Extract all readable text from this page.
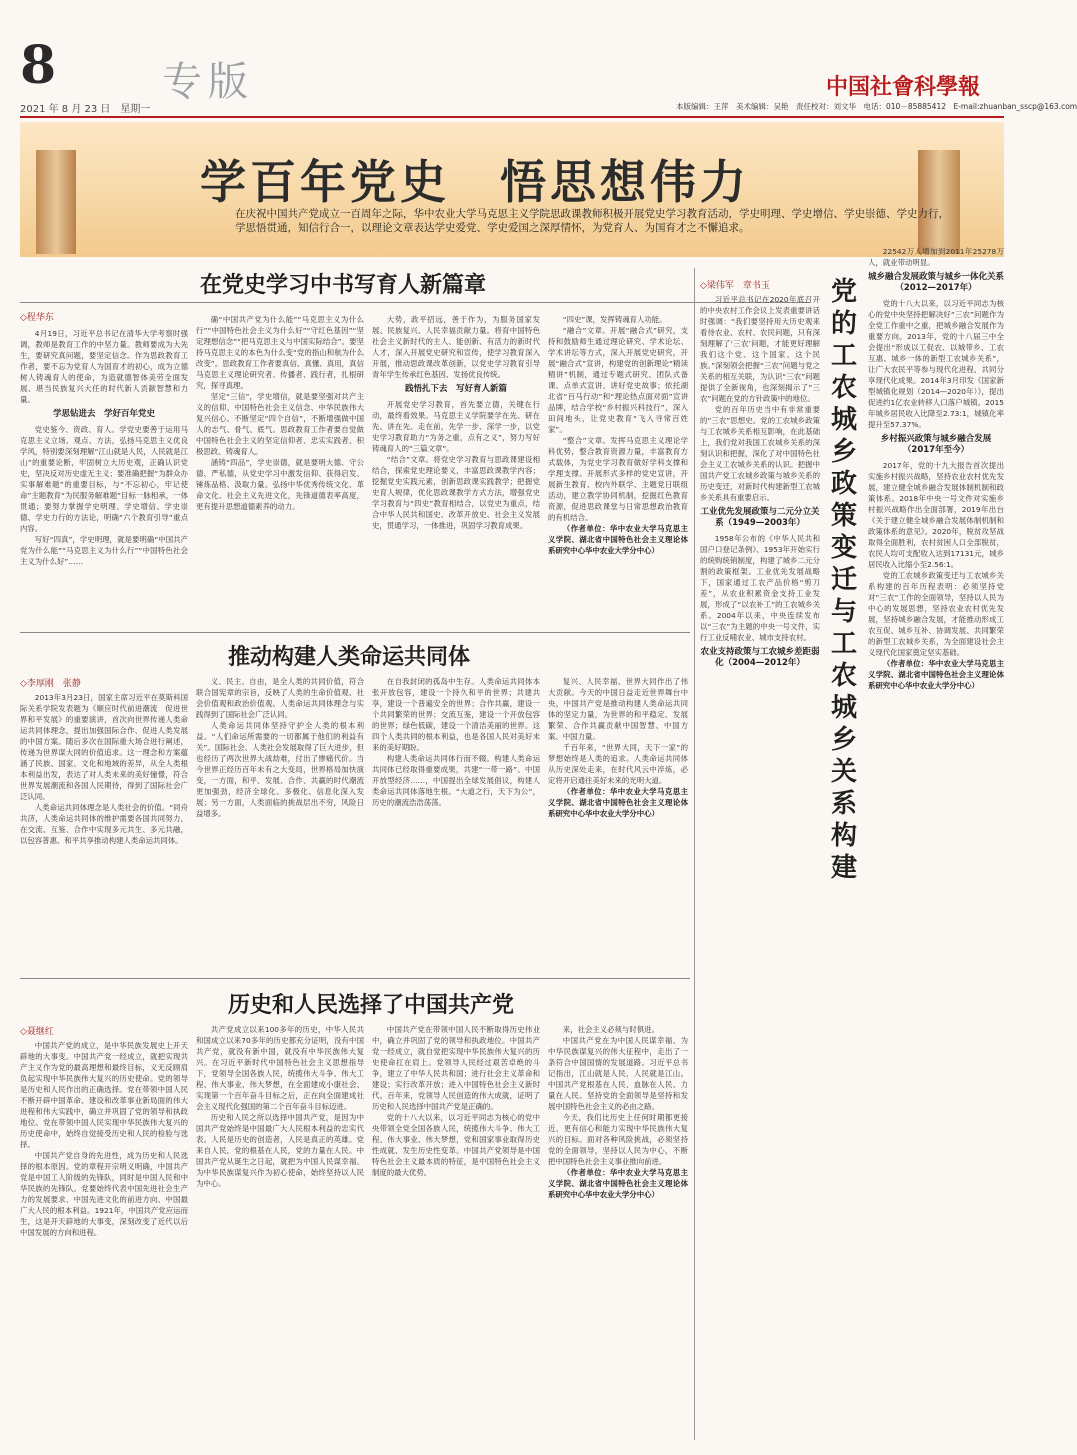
8	专版
2021 年 8 月 23 日　星期一
中国社會科學報
本版编辑：王萍　美术编辑：吴艳　责任校对：刘文华　电话：010－85885412　E-mail:zhuanban_sscp@163.com
学百年党史　悟思想伟力
在庆祝中国共产党成立一百周年之际，华中农业大学马克思主义学院思政课教师积极开展党史学习教育活动，学史明理、学史增信、学史崇德、学史力行，学思悟贯通，知信行合一，以理论文章表达学史爱党、学史爱国之深厚情怀，为党育人、为国育才之不懈追求。
在党史学习中书写育人新篇章
◇程华东

4月19日，习近平总书记在清华大学考察时强调，教师是教育工作的中坚力量。教师要成为大先生，要研究真问题，要坚定信念。作为思政教育工作者，要不忘为党育人为国育才的初心，成为立德树人铸魂育人的使命，为造就德智体美劳全面发展、堪当民族复兴大任的时代新人贡献智慧和力量。

学思钻进去　学好百年党史

党史鉴今、资政、育人。学党史要善于运用马克思主义立场、观点、方法，弘扬马克思主义优良学风，特别要深刻理解“江山就是人民，人民就是江山”的重要论断，牢固树立大历史观，正确认识党史，坚决反对历史虚无主义；要准确把握“为群众办实事解难题”的重要目标，与“不忘初心，牢记使命”主题教育“为民服务解难题”目标一脉相承，一体贯通；要努力掌握学史明理、学史增信、学史崇德、学史力行的方法论，明确“六个教育引导”重点内容。

写好“四真”，学史明理，就是要明确“中国共产党为什么能”“马克思主义为什么行”“中国特色社会主义为什么好”……

确“中国共产党为什么能”“马克思主义为什么行”“中国特色社会主义为什么好”“守红色基因”“坚定理想信念”“把马克思主义与中国实际结合”。要坚持马克思主义的本色为什么变“党的指山和航为什么改变”。思政教育工作者要真信、真懂、真用，真信马克思主义理论研究者、传播者、践行者，扎根研究，探寻真理。

坚定“三信”，学史增信，就是要坚强对共产主义的信仰、中国特色社会主义信念、中华民族伟大复兴信心。不断坚定“四个自信”，不断增强做中国人的志气、骨气、底气。思政教育工作者要自觉做中国特色社会主义的坚定信仰者、忠实实践者、积极思政、铸魂育人。

涵铸“四品”，学史崇德，就是要明大德、守公德、严私德，从党史学习中激发信仰、获得启发、锤炼品格、汲取力量。弘扬中华优秀传统文化、革命文化、社会主义先进文化，先锋道德表率高度，更有提升思想道德素养的动力。

大势，政平招远，善于作为，为服务国家发展、民族复兴、人民幸福贡献力量。将育中国特色社会主义新时代的主人、能创新、有活力的新时代人才，深入开展党史研究和宣传，使学习教育深入开展，推动思政课改革创新，以党史学习教育引导青年学生传承红色基因、发扬优良传统。

践悟扎下去　写好育人新篇

开展党史学习教育，首先要立德，关键在行动，最终看效果。马克思主义学院要学在先、研在先、讲在先、走在前，先学一步、深学一步，以党史学习教育助力“为务之重，点有之义”，努力写好铸魂育人的“三篇文章”。

“结合”文章。将党史学习教育与思政课建设相结合，探索党史理论要义，丰富思政课教学内容；挖掘党史实践元素，创新思政课实践教学；把握党史育人规律，优化思政课教学方式方法，增强党史学习教育与“四史”教育相结合，以党史为重点，结合中华人民共和国史、改革开放史、社会主义发展史，贯通学习，一体推进，巩固学习教育成果。

“四史”课，发挥铸魂育人功能。

“融合”文章。开展“融合式”研究，支持和鼓励师生通过理论研究、学术论坛、学术讲坛等方式，深入开展党史研究，开展“融合式”宣讲，构建党的创新理论“精读精讲”机制，通过专题式研究、团队式备课、点单式宣讲、讲好党史故事；依托湖北省“百马行动”和“理论热点面对面”宣讲品牌，结合学校“乡村振兴科技行”，深入田间地头，让党史教育“飞入寻常百姓家”。

“整合”文章。发挥马克思主义理论学科优势，整合教育资源力量，丰富教育方式载体，为党史学习教育做好学科支撑和学理支撑。开展形式多样的党史宣讲，开展新生教育、校内外联学、主题党日联组活动，建立教学协同机制，挖掘红色教育资源，促进思政课堂与日常思想政治教育的有机结合。

（作者单位：华中农业大学马克思主义学院、湖北省中国特色社会主义理论体系研究中心华中农业大学分中心）

推动构建人类命运共同体
◇李厚刚　张静

2013年3月23日，国家主席习近平在莫斯科国际关系学院发表题为《顺应时代前进潮流　促进世界和平发展》的重要演讲，首次向世界传递人类命运共同体理念，提出加强国际合作、促进人类发展的中国方案。随后多次在国际重大场合进行阐述，传递为世界谋大同的价值追求。这一理念和方案蕴涵了民族、国家、文化和地域的差异，从全人类根本利益出发，表达了对人类未来的美好憧憬，符合世界发展潮流和各国人民期待，得到了国际社会广泛认同。

人类命运共同体理念是人类社会的价值。“同舟共济，人类命运共同体的维护需要各国共同努力，在交流、互鉴、合作中实现多元共生、多元共融，以包容普惠、和平共享推动构建人类命运共同体。

义、民主、自由，是全人类的共同价值，符合联合国宪章的宗旨，反映了人类的生命价值观、社会价值观和政治价值观。人类命运共同体理念与实践得到了国际社会广泛认同。

人类命运共同体坚持守护全人类的根本利益。“人们命运所需要的一切都属于他们的利益有关”。国际社会、人类社会发展取得了巨大进步，但也经历了两次世界大战劫难，付出了惨痛代价。当今世界正经历百年未有之大变局，世界格局加快演变，一方面，和平、发展、合作、共赢的时代潮流更加强劲，经济全球化、多极化、信息化深入发展；另一方面，人类面临的挑战层出不穷，风险日益增多。

在自我封闭的孤岛中生存。人类命运共同体本张开放包容，建设一个持久和平的世界；共建共享，建设一个普遍安全的世界；合作共赢，建设一个共同繁荣的世界；交流互鉴，建设一个开放包容的世界；绿色低碳，建设一个清洁美丽的世界。这四个人类共同的根本利益，也是各国人民对美好未来的美好期盼。

构建人类命运共同体行而不辍。构建人类命运共同体已经取得重要成果，共建“一带一路”、中国开放型经济……，中国提出全球发展倡议，构建人类命运共同体落地生根。“大道之行，天下为公”，历史的潮流浩浩荡荡。

复兴、人民幸福、世界大同作出了伟大贡献。今天的中国日益走近世界舞台中央，中国共产党是推动构建人类命运共同体的坚定力量，为世界的和平稳定、发展繁荣、合作共赢贡献中国智慧、中国方案、中国力量。

千百年来，“世界大同，天下一家”的梦想始终是人类的追求。人类命运共同体从历史深处走来，在时代风云中淬炼，必定将开启通往美好未来的光明大道。

（作者单位：华中农业大学马克思主义学院、湖北省中国特色社会主义理论体系研究中心华中农业大学分中心）

历史和人民选择了中国共产党
◇聂继红

中国共产党的成立，是中华民族发展史上开天辟地的大事变。中国共产党一经成立，就把实现共产主义作为党的最高理想和最终目标，义无反顾肩负起实现中华民族伟大复兴的历史使命。党的领导是历史和人民作出的正确选择。党在带领中国人民不断开辟中国革命、建设和改革事业新局面的伟大进程和伟大实践中，确立并巩固了党的领导和执政地位。党在带领中国人民实现中华民族伟大复兴的历史使命中，始终自觉接受历史和人民的检验与选择。

中国共产党自身的先进性，成为历史和人民选择的根本原因。党的章程开宗明义明确，中国共产党是中国工人阶级的先锋队，同时是中国人民和中华民族的先锋队。党要始终代表中国先进社会生产力的发展要求、中国先进文化的前进方向、中国最广大人民的根本利益。1921年，中国共产党应运而生，这是开天辟地的大事变，深刻改变了近代以后中国发展的方向和进程。

共产党成立以来100多年的历史，中华人民共和国成立以来70多年的历史都充分证明，没有中国共产党，就没有新中国，就没有中华民族伟大复兴。在习近平新时代中国特色社会主义思想指导下，党领导全国各族人民，统揽伟大斗争、伟大工程、伟大事业、伟大梦想，在全面建成小康社会、实现第一个百年奋斗目标之后，正在向全面建成社会主义现代化强国的第二个百年奋斗目标迈进。

历史和人民之所以选择中国共产党，是因为中国共产党始终是中国最广大人民根本利益的忠实代表。人民是历史的创造者，人民是真正的英雄。党来自人民，党的根基在人民，党的力量在人民。中国共产党从诞生之日起，就把为中国人民谋幸福、为中华民族谋复兴作为初心使命，始终坚持以人民为中心。

中国共产党在带领中国人民不断取得历史伟业中，确立并巩固了党的领导和执政地位。中国共产党一经成立，就自觉把实现中华民族伟大复兴的历史使命扛在肩上。党领导人民经过艰苦卓绝的斗争，建立了中华人民共和国；进行社会主义革命和建设；实行改革开放；进入中国特色社会主义新时代。百年来，党领导人民创造的伟大成就，证明了历史和人民选择中国共产党是正确的。

党的十八大以来，以习近平同志为核心的党中央带领全党全国各族人民，统揽伟大斗争、伟大工程、伟大事业、伟大梦想，党和国家事业取得历史性成就、发生历史性变革。中国共产党领导是中国特色社会主义最本质的特征，是中国特色社会主义制度的最大优势。

来，社会主义必须与时俱进。

中国共产党在为中国人民谋幸福、为中华民族谋复兴的伟大征程中，走出了一条符合中国国情的发展道路。习近平总书记指出，江山就是人民，人民就是江山。中国共产党根基在人民、血脉在人民、力量在人民。坚持党的全面领导是坚持和发展中国特色社会主义的必由之路。

今天，我们比历史上任何时期都更接近、更有信心和能力实现中华民族伟大复兴的目标。面对各种风险挑战，必须坚持党的全面领导，坚持以人民为中心，不断把中国特色社会主义事业推向前进。

（作者单位：华中农业大学马克思主义学院、湖北省中国特色社会主义理论体系研究中心华中农业大学分中心）

◇梁伟军　章书玉 党的工农城乡政策变迁与工农城乡关系构建

习近平总书记在2020年底召开的中央农村工作会议上发表重要讲话时强调：“我们要坚持用大历史观来看待农业、农村、农民问题，只有深刻理解了‘三农’问题，才能更好理解我们这个党、这个国家、这个民族。”深刻领会把握“三农”问题与党之关系的相互关联，为认识“三农”问题提供了全新视角，也深刻揭示了“三农”问题在党的方针政策中的地位。

党的百年历史当中有非常重要的“三农”思想史。党的工农城乡政策与工农城乡关系相互影响，在此基础上，我们党对我国工农城乡关系的深刻认识和把握，深化了对中国特色社会主义工农城乡关系的认识。把握中国共产党工农城乡政策与城乡关系的历史变迁，对新时代构建新型工农城乡关系具有重要启示。

工业优先发展政策与二元分立关系（1949—2003年）

1958年公布的《中华人民共和国户口登记条例》、1953年开始实行的统购统销制度，构建了城乡二元分割的政策框架。工业优先发展战略下，国家通过工农产品价格“剪刀差”，从农业积累资金支持工业发展，形成了“以农补工”的工农城乡关系。2004年以来，中央连续发布以“三农”为主题的中央一号文件，实行工业反哺农业、城市支持农村。

农业支持政策与工农城乡差距弱化（2004—2012年）

22542万人增加到2011年25278万人，就业带动明显。

城乡融合发展政策与城乡一体化关系（2012—2017年）

党的十八大以来，以习近平同志为核心的党中央坚持把解决好“三农”问题作为全党工作重中之重，把城乡融合发展作为重要方向。2013年，党的十八届三中全会提出“形成以工促农、以城带乡、工农互惠、城乡一体的新型工农城乡关系”，让广大农民平等参与现代化进程、共同分享现代化成果。2014年3月印发《国家新型城镇化规划（2014—2020年）》，提出促进约1亿农业转移人口落户城镇。2015年城乡居民收入比降至2.73:1，城镇化率提升至57.37%。

乡村振兴政策与城乡融合发展（2017年至今）

2017年，党的十九大报告首次提出实施乡村振兴战略，坚持农业农村优先发展，建立健全城乡融合发展体制机制和政策体系。2018年中央一号文件对实施乡村振兴战略作出全面部署，2019年出台《关于建立健全城乡融合发展体制机制和政策体系的意见》。2020年，脱贫攻坚战取得全面胜利，农村贫困人口全部脱贫，农民人均可支配收入达到17131元，城乡居民收入比缩小至2.56:1。

党的工农城乡政策变迁与工农城乡关系构建的百年历程表明：必须坚持党对“三农”工作的全面领导，坚持以人民为中心的发展思想，坚持农业农村优先发展，坚持城乡融合发展，才能推动形成工农互促、城乡互补、协调发展、共同繁荣的新型工农城乡关系，为全面建设社会主义现代化国家奠定坚实基础。

（作者单位：华中农业大学马克思主义学院、湖北省中国特色社会主义理论体系研究中心华中农业大学分中心）
